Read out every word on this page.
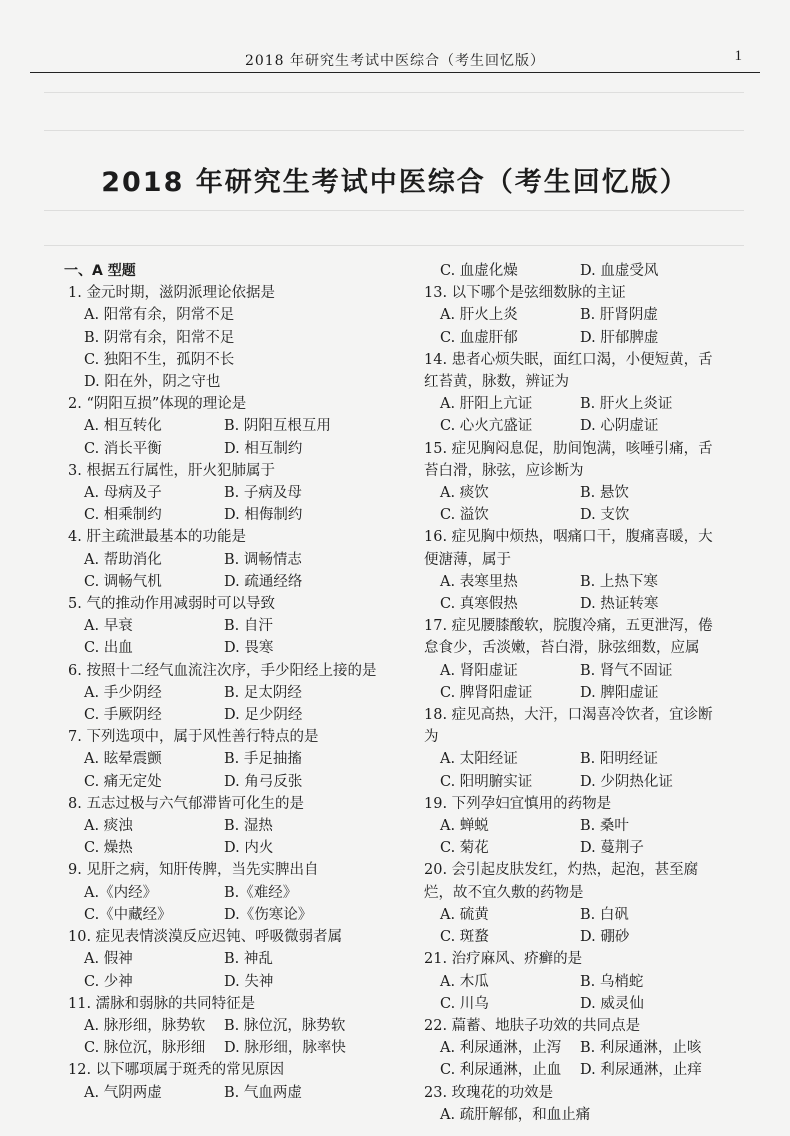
2018 年研究生考试中医综合（考生回忆版）	1
2018 年研究生考试中医综合（考生回忆版）
一、A 型题
1. 金元时期，滋阴派理论依据是
A. 阳常有余，阴常不足
B. 阴常有余，阳常不足
C. 独阳不生，孤阴不长
D. 阳在外，阴之守也
2. “阴阳互损”体现的理论是
A. 相互转化	B. 阴阳互根互用
C. 消长平衡	D. 相互制约
3. 根据五行属性，肝火犯肺属于
A. 母病及子	B. 子病及母
C. 相乘制约	D. 相侮制约
4. 肝主疏泄最基本的功能是
A. 帮助消化	B. 调畅情志
C. 调畅气机	D. 疏通经络
5. 气的推动作用减弱时可以导致
A. 早衰	B. 自汗
C. 出血	D. 畏寒
6. 按照十二经气血流注次序，手少阳经上接的是
A. 手少阴经	B. 足太阴经
C. 手厥阴经	D. 足少阴经
7. 下列选项中，属于风性善行特点的是
A. 眩晕震颤	B. 手足抽搐
C. 痛无定处	D. 角弓反张
8. 五志过极与六气郁滞皆可化生的是
A. 痰浊	B. 湿热
C. 燥热	D. 内火
9. 见肝之病，知肝传脾，当先实脾出自
A.《内经》	B.《难经》
C.《中藏经》	D.《伤寒论》
10. 症见表情淡漠反应迟钝、呼吸微弱者属
A. 假神	B. 神乱
C. 少神	D. 失神
11. 濡脉和弱脉的共同特征是
A. 脉形细，脉势软	B. 脉位沉，脉势软
C. 脉位沉，脉形细	D. 脉形细，脉率快
12. 以下哪项属于斑秃的常见原因
A. 气阴两虚	B. 气血两虚
C. 血虚化燥	D. 血虚受风
13. 以下哪个是弦细数脉的主证
A. 肝火上炎	B. 肝肾阴虚
C. 血虚肝郁	D. 肝郁脾虚
14. 患者心烦失眠，面红口渴，小便短黄，舌红苔黄，脉数，辨证为
A. 肝阳上亢证	B. 肝火上炎证
C. 心火亢盛证	D. 心阴虚证
15. 症见胸闷息促，肋间饱满，咳唾引痛，舌苔白滑，脉弦，应诊断为
A. 痰饮	B. 悬饮
C. 溢饮	D. 支饮
16. 症见胸中烦热，咽痛口干，腹痛喜暖，大便溏薄，属于
A. 表寒里热	B. 上热下寒
C. 真寒假热	D. 热证转寒
17. 症见腰膝酸软，脘腹冷痛，五更泄泻，倦怠食少，舌淡嫩，苔白滑，脉弦细数，应属
A. 肾阳虚证	B. 肾气不固证
C. 脾肾阳虚证	D. 脾阳虚证
18. 症见高热，大汗，口渴喜冷饮者，宜诊断为
A. 太阳经证	B. 阳明经证
C. 阳明腑实证	D. 少阴热化证
19. 下列孕妇宜慎用的药物是
A. 蝉蜕	B. 桑叶
C. 菊花	D. 蔓荆子
20. 会引起皮肤发红，灼热，起泡，甚至腐烂，故不宜久敷的药物是
A. 硫黄	B. 白矾
C. 斑蝥	D. 硼砂
21. 治疗麻风、疥癣的是
A. 木瓜	B. 乌梢蛇
C. 川乌	D. 威灵仙
22. 萹蓄、地肤子功效的共同点是
A. 利尿通淋，止泻	B. 利尿通淋，止咳
C. 利尿通淋，止血	D. 利尿通淋，止痒
23. 玫瑰花的功效是
A. 疏肝解郁，和血止痛
